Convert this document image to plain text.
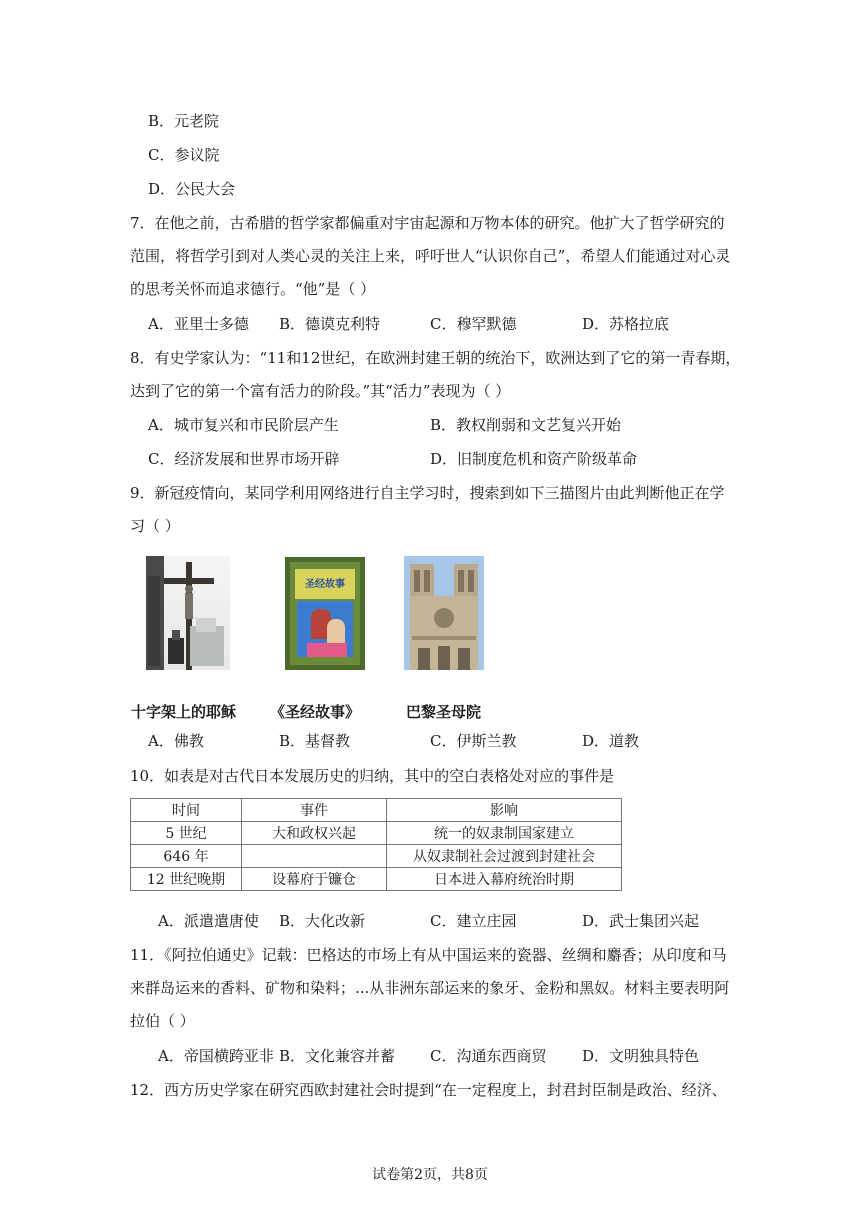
B．元老院
C．参议院
D．公民大会
7．在他之前，古希腊的哲学家都偏重对宇宙起源和万物本体的研究。他扩大了哲学研究的
范围，将哲学引到对人类心灵的关注上来，呼吁世人“认识你自己”，希望人们能通过对心灵
的思考关怀而追求德行。“他”是（ ）
A．亚里士多德 B．德谟克利特	C．穆罕默德	D．苏格拉底
8．有史学家认为：“11和12世纪，在欧洲封建王朝的统治下，欧洲达到了它的第一青春期，
达到了它的第一个富有活力的阶段。”其“活力”表现为（ ）
A．城市复兴和市民阶层产生	B．教权削弱和文艺复兴开始
C．经济发展和世界市场开辟	D．旧制度危机和资产阶级革命
9．新冠疫情向，某同学利用网络进行自主学习时，搜索到如下三描图片由此判断他正在学
习（ ）
圣经故事
十字架上的耶稣 《圣经故事》	巴黎圣母院
A．佛教	B．基督教	C．伊斯兰教	D．道教
10．如表是对古代日本发展历史的归纳，其中的空白表格处对应的事件是
时间	事件	影响
5 世纪	大和政权兴起	统一的奴隶制国家建立
646 年		从奴隶制社会过渡到封建社会
12 世纪晚期	设幕府于镰仓	日本进入幕府统治时期
A．派遣遣唐使 B．大化改新	C．建立庄园	D．武士集团兴起
11．《阿拉伯通史》记载：巴格达的市场上有从中国运来的瓷器、丝绸和麝香；从印度和马
来群岛运来的香料、矿物和染料；...从非洲东部运来的象牙、金粉和黑奴。材料主要表明阿
拉伯（ ）
A．帝国横跨亚非 B．文化兼容并蓄 C．沟通东西商贸 D．文明独具特色
12．西方历史学家在研究西欧封建社会时提到“在一定程度上，封君封臣制是政治、经济、
试卷第2页，共8页
